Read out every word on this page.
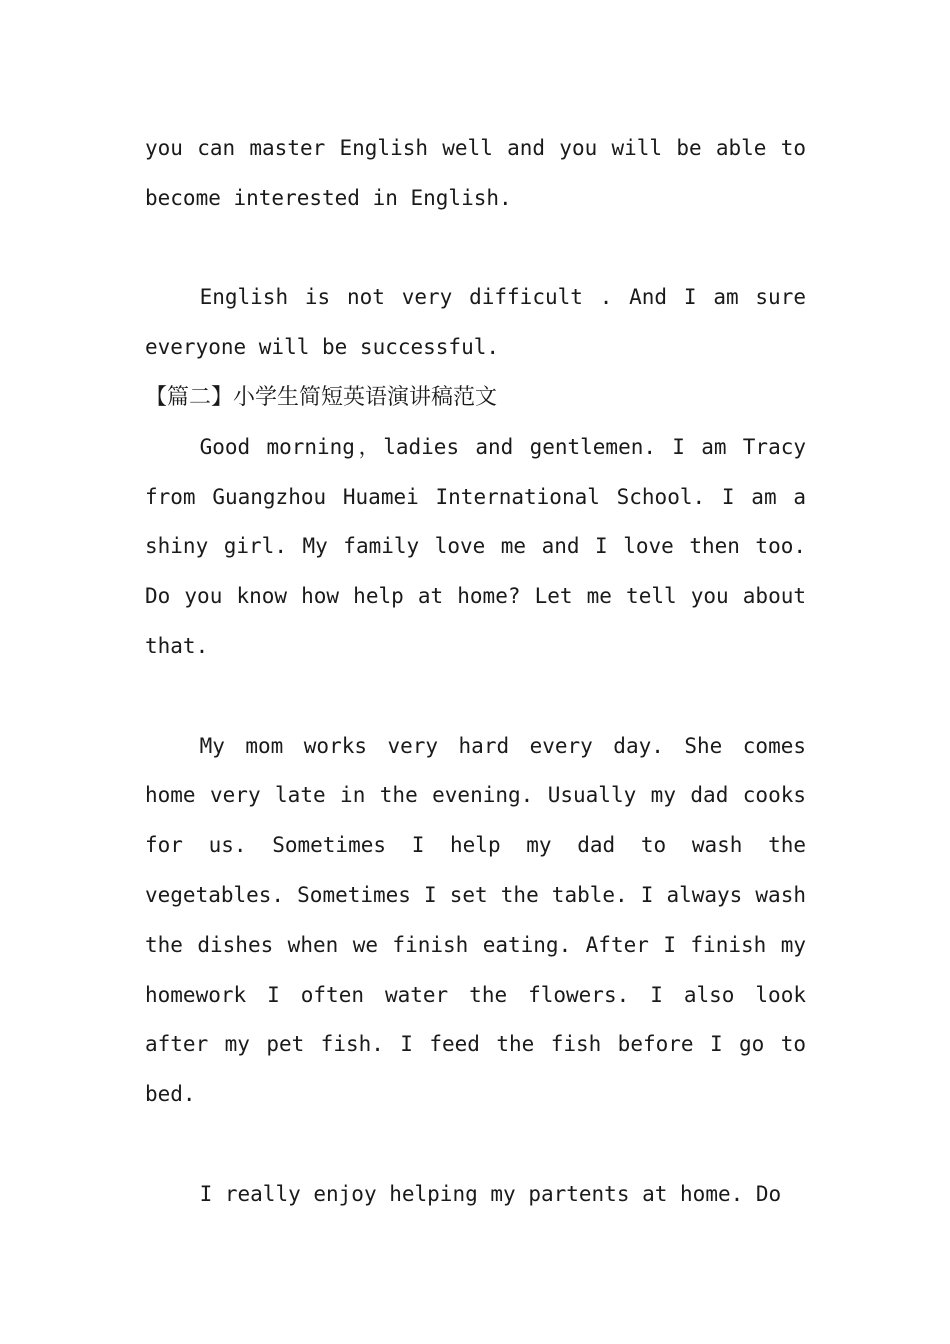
you can master English well and you will be able to become interested in English.

English is not very difficult . And I am sure everyone will be successful.

【篇二】小学生简短英语演讲稿范文

Good morning，ladies and gentlemen. I am Tracy from Guangzhou Huamei International School. I am a shiny girl. My family love me and I love then too. Do you know how help at home? Let me tell you about that.

My mom works very hard every day. She comes home very late in the evening. Usually my dad cooks for us. Sometimes I help my dad to wash the vegetables. Sometimes I set the table. I always wash the dishes when we finish eating. After I finish my homework I often water the flowers. I also look after my pet fish. I feed the fish before I go to bed.

I really enjoy helping my partents at home. Do
